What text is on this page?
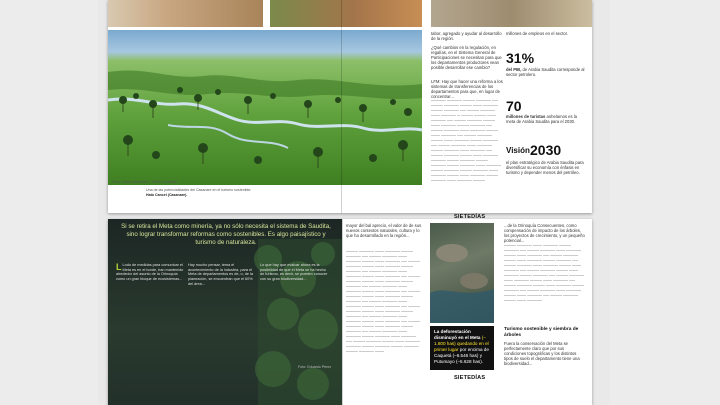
Foto: Julián Sarmiento – SIMA Colombia
Una de las potencialidades del Casanare en el turismo sostenible:
Hato Cancel (Casanare).
tabor, agregado y ayudar al desarrollo de la región.
¿Qué cambios en la regulación, en regalías, en el Sistema General de Participaciones se necesitan para que los departamentos productores vean posible desarrollar ese cambio?
LFM: Hay que hacer una reforma a los sistemas de transferencias de los departamentos para que, en lugar de concentrar...
───── ───── ──── ───── ── ──── ───── ──── ─── ───── ──── ───── ── ──── ───── ─── ───── ─ ──── ──── ─── ───── ── ──── ───── ──── ─── ───── ──── ───── ── ──── ───── ─── ───── ──── ─── ───── ── ──── ───── ──── ─── ───── ──── ───── ── ──── ───── ─── ───── ──── ───── ─── ───── ── ──── ───── ──── ─── ───── ───── ──── ───── ──── ───── ──── ───── ─── ───── ──── ───── ──── ───── ─── ───── ──── ─── ───── ──── ───── ─── ───── ────
millones de empleos en el sector.
31%
del PIB, de Arabia Saudita corresponde al sector petrolero.
70
millones de turistas anhelamos es la meta de Arabia Saudita para el 2030.
Visión 2030
el plan estratégico de Arabia Saudita para diversificar su economía con énfasis en turismo y depender menos del petróleo.
Si se retira el Meta como minería, ya no sólo necesita el sistema de Saudita, sino lograr transformar reformas como sostenibles. Es algo paisajístico y turismo de naturaleza.
L Lodo de medidas para comunicar el Meta es en el borde, han mantenido alrededor del asunto de la Orinoquía como un gran bloque de ecosistemas...
Hay mucho pensar, tema el acontecimiento de la industria, para el Meta de departamentos es de, o, de la planeación, se encuentran que el 60% del área...
Lo que hay que evaluar ahora es la posibilidad de que el Meta se ha hecho de turismo, es decir, se pueden conocer con su gran biodiversidad...
Foto: Eduardo Pérez
SIETEDÍAS
SIETEDÍAS
mayor del bal aprecio, el valor de de sus nuevos contextos naturales, cultura y lo que ha desarrollado en la región...
──── ───── ─── ───── ──── ───── ── ──── ───── ─── ───── ──── ─── ───── ── ──── ───── ──── ─── ───── ──── ───── ── ──── ───── ─── ───── ──── ─── ───── ── ──── ───── ──── ─── ───── ──── ───── ── ──── ───── ─── ───── ──── ─── ───── ── ──── ───── ──── ─── ───── ──── ───── ── ──── ───── ─── ───── ──── ─── ───── ── ──── ───── ──── ─── ───── ──── ───── ── ──── ───── ─── ───── ──── ─── ───── ── ──── ───── ──── ─── ───── ──── ───── ── ──── ───── ─── ───── ──── ───── ─── ───── ── ──── ───── ──── ─── ───── ───── ──── ───── ──── ───── ──── ───── ───

La deforestación disminuyó en el Meta (–1.800 has) quedando en el primer lugar por encima de Caquetá (–6.546 has) y Putumayo (–5.628 has).

...de la Orinoquía Consecuentes, como compensación de impacto de los árboles, los proyectos de crecimiento, y un pequeño potencial...
──── ───── ─── ───── ──── ───── ── ──── ───── ─── ───── ──── ─── ───── ── ──── ───── ──── ─── ───── ──── ───── ── ──── ───── ─── ───── ──── ─── ───── ── ──── ───── ──── ─── ───── ──── ───── ── ──── ───── ─── ───── ──── ─── ───── ── ──── ───── ──── ─── ───── ──── ───── ── ──── ───── ─── ───── ──── ─── ───── ── ──── ───── ──── ─── ─────
Turismo sostenible y siembra de árboles
Fuera la conservación del Meta se perfectamente claro que por sus condiciones topográficas y los distintos tipos de suelo el departamento tiene una biodiversidad...
